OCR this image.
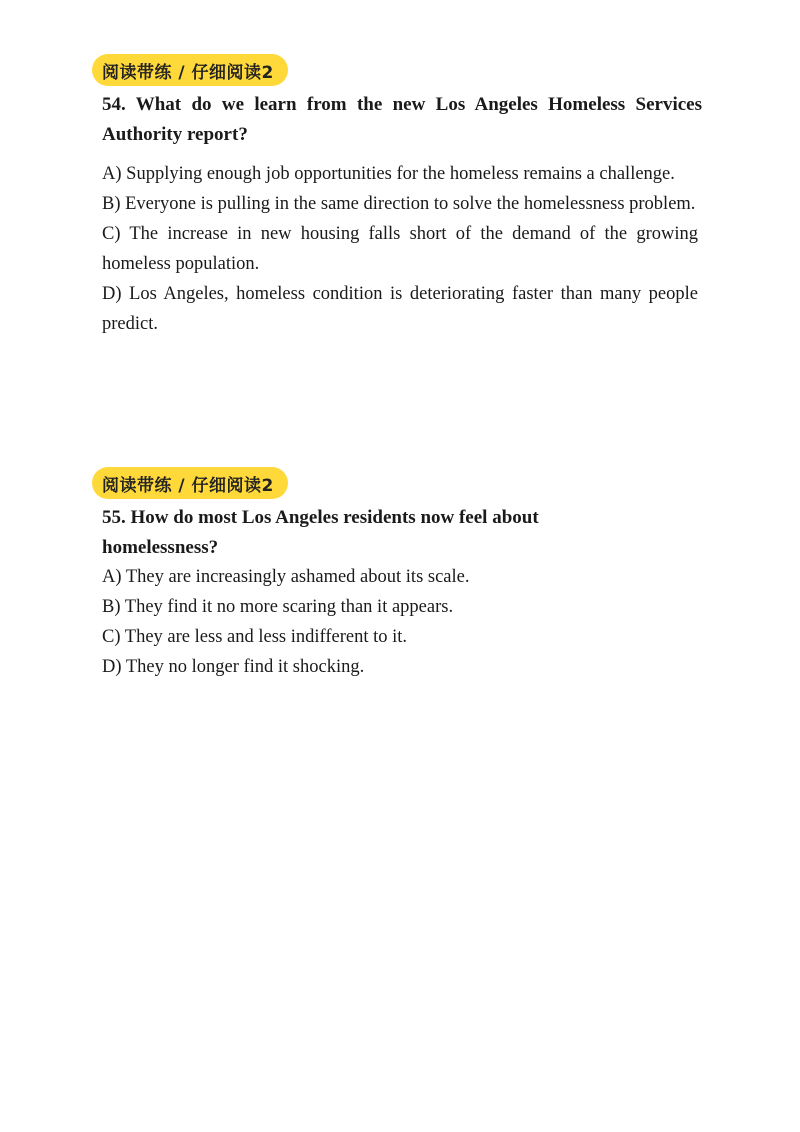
阅读带练 / 仔细阅读2
54. What do we learn from the new Los Angeles Homeless Services Authority report?

A) Supplying enough job opportunities for the homeless remains a challenge.

B) Everyone is pulling in the same direction to solve the homelessness problem.

C) The increase in new housing falls short of the demand of the growing homeless population.

D) Los Angeles, homeless condition is deteriorating faster than many people predict.

阅读带练 / 仔细阅读2
55. How do most Los Angeles residents now feel about homelessness?

A) They are increasingly ashamed about its scale.

B) They find it no more scaring than it appears.

C) They are less and less indifferent to it.

D) They no longer find it shocking.
